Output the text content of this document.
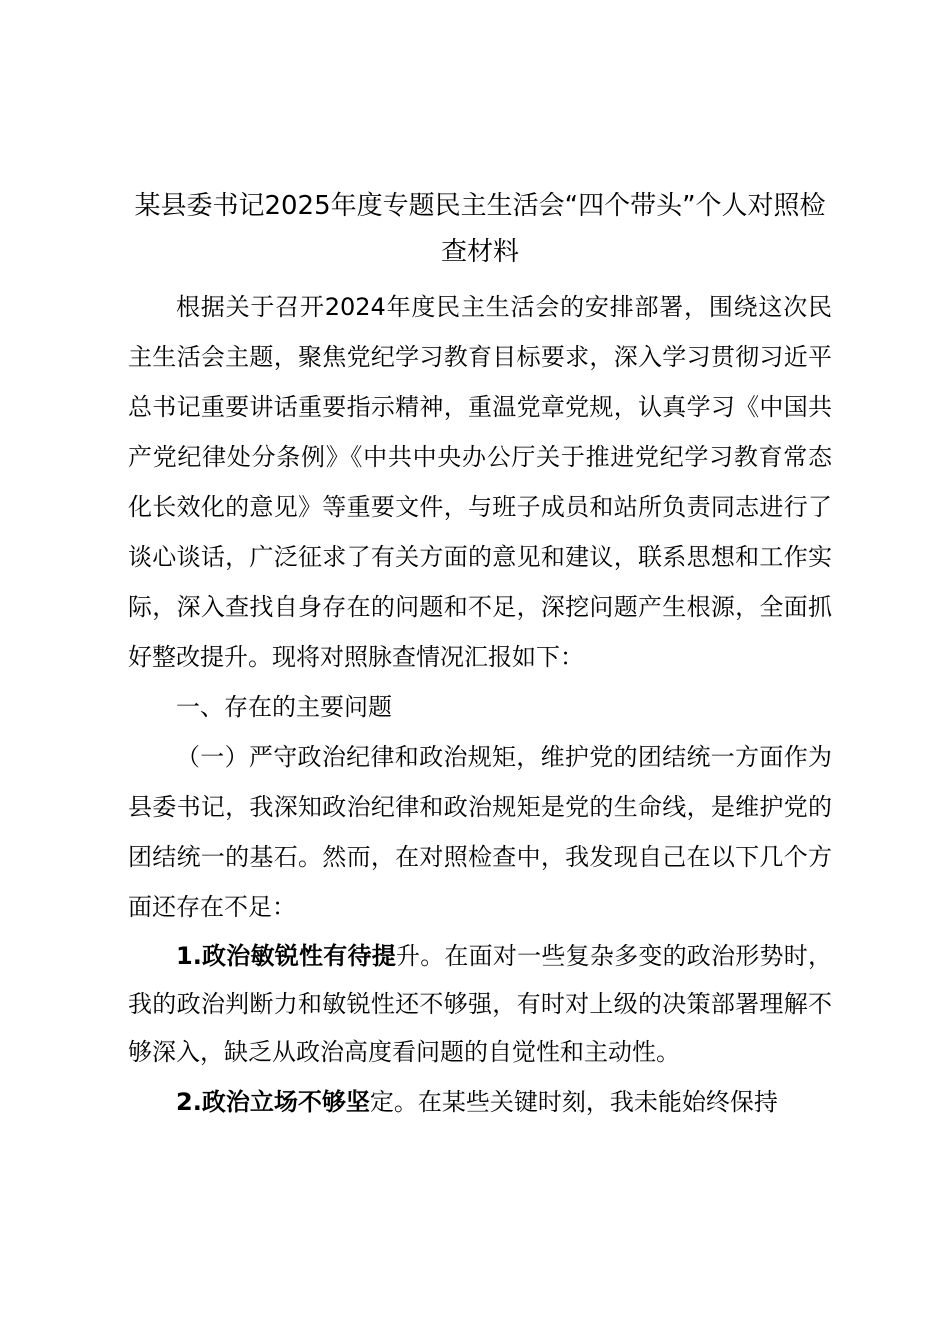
某县委书记2025年度专题民主生活会“四个带头”个人对照检查材料

根据关于召开2024年度民主生活会的安排部署，围绕这次民主生活会主题，聚焦党纪学习教育目标要求，深入学习贯彻习近平总书记重要讲话重要指示精神，重温党章党规，认真学习《中国共产党纪律处分条例》《中共中央办公厅关于推进党纪学习教育常态化长效化的意见》等重要文件，与班子成员和站所负责同志进行了谈心谈话，广泛征求了有关方面的意见和建议，联系思想和工作实际，深入查找自身存在的问题和不足，深挖问题产生根源，全面抓好整改提升。现将对照脉查情况汇报如下：

一、存在的主要问题

（一）严守政治纪律和政治规矩，维护党的团结统一方面作为县委书记，我深知政治纪律和政治规矩是党的生命线，是维护党的团结统一的基石。然而，在对照检查中，我发现自己在以下几个方面还存在不足：

1.政治敏锐性有待提升。在面对一些复杂多变的政治形势时，我的政治判断力和敏锐性还不够强，有时对上级的决策部署理解不够深入，缺乏从政治高度看问题的自觉性和主动性。

2.政治立场不够坚定。在某些关键时刻，我未能始终保持
